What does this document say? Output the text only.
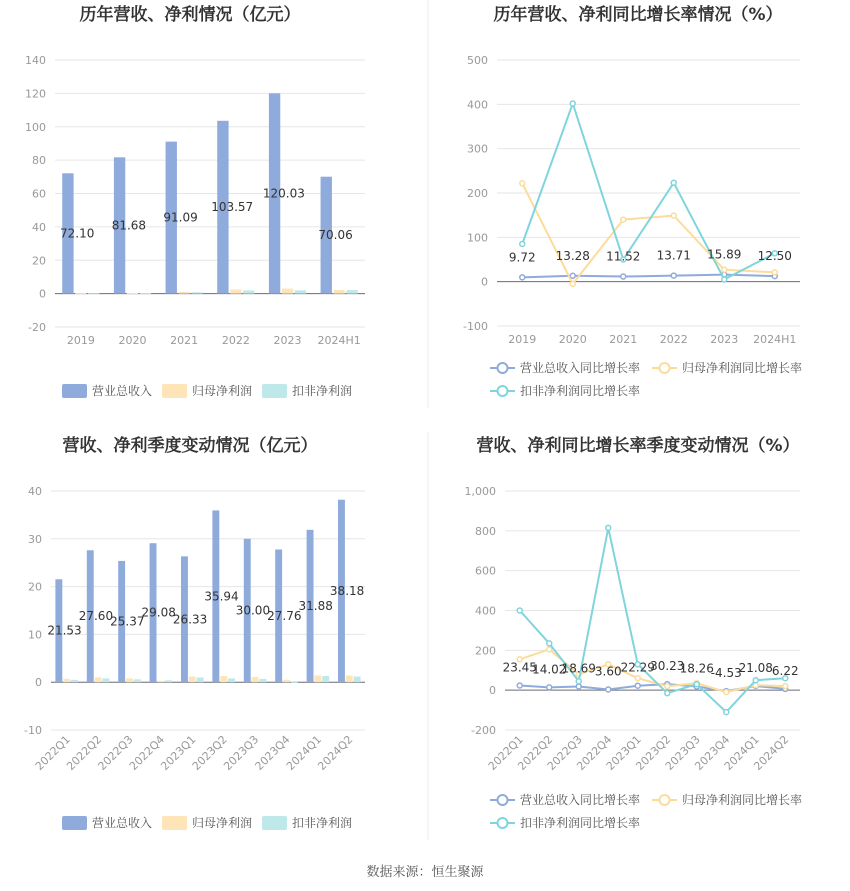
历年营收、净利情况（亿元）
-20
0
20
40
60
80
100
120
140
2019 2020 2021 2022 2023 2024H1
72.10
81.68
91.09
103.57
120.03
70.06
营业总收入	归母净利润	扣非净利润
历年营收、净利同比增长率情况（%）
-100
0
100
200
300
400
500
2019 2020 2021 2022 2023 2024H1
9.72 13.28 11.52 13.71 15.89 12.50
营业总收入同比增长率	归母净利润同比增长率
扣非净利润同比增长率
营收、净利季度变动情况（亿元）
-10
0
10
20
30
40
2022Q1
2022Q2
2022Q3
2022Q4
2023Q1
2023Q2
2023Q3
2023Q4
2024Q1
2024Q2
21.53
27.60
25.37
29.08
26.33
35.94
30.00
27.76
31.88
38.18
营业总收入	归母净利润	扣非净利润
营收、净利同比增长率季度变动情况（%）
-200
0
200
400
600
800
1,000
2022Q1
2022Q2
2022Q3
2022Q4
2023Q1
2023Q2
2023Q3
2023Q4
2024Q1
2024Q2
23.45
14.02
18.69
3.60
22.29
30.23
18.26
-4.53
21.08
6.22
营业总收入同比增长率	归母净利润同比增长率
扣非净利润同比增长率
数据来源：恒生聚源
